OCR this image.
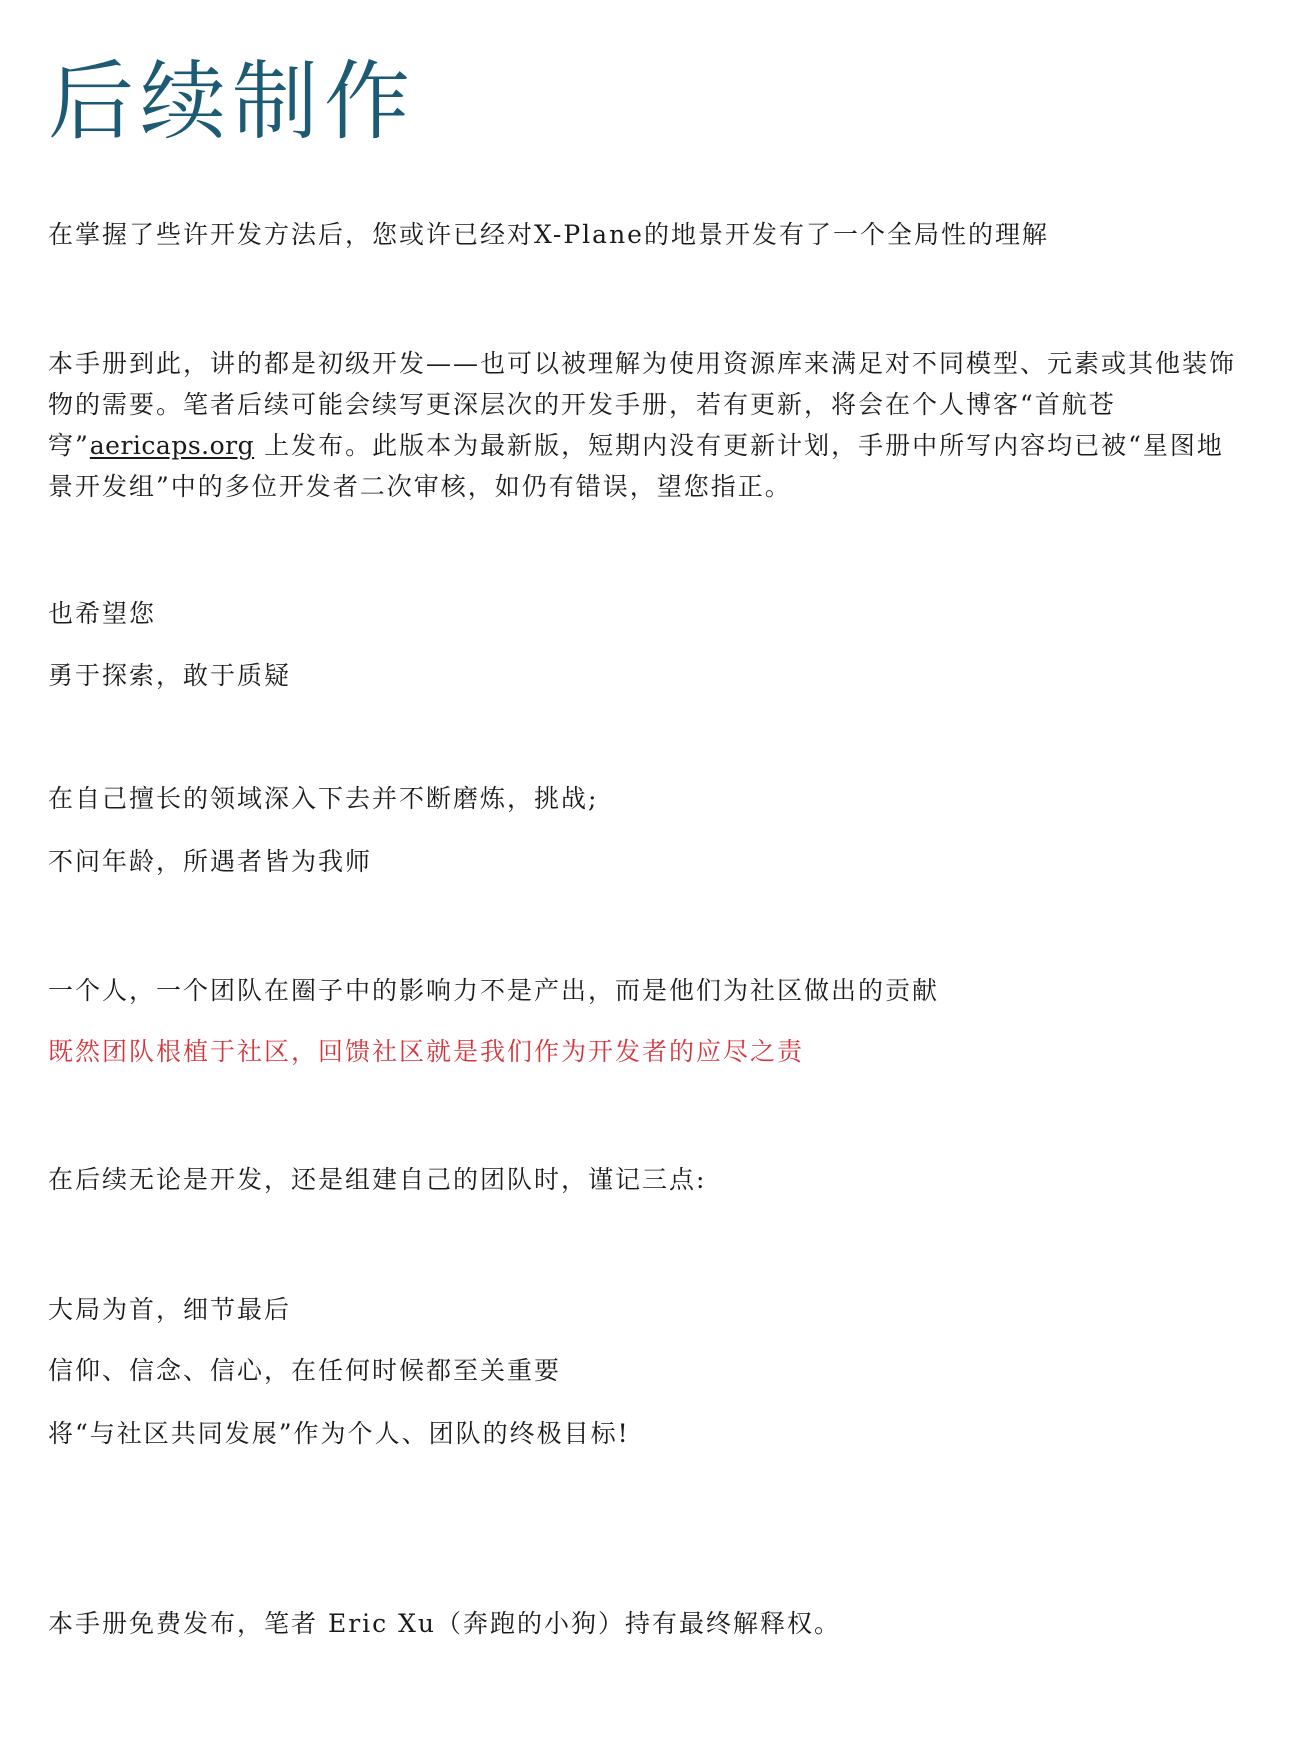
后续制作

在掌握了些许开发方法后，您或许已经对X-Plane的地景开发有了一个全局性的理解

本手册到此，讲的都是初级开发——也可以被理解为使用资源库来满足对不同模型、元素或其他装饰物的需要。笔者后续可能会续写更深层次的开发手册，若有更新，将会在个人博客“首航苍穹”aericaps.org 上发布。此版本为最新版，短期内没有更新计划，手册中所写内容均已被“星图地景开发组”中的多位开发者二次审核，如仍有错误，望您指正。

也希望您

勇于探索，敢于质疑

在自己擅长的领域深入下去并不断磨炼，挑战;

不问年龄，所遇者皆为我师

一个人，一个团队在圈子中的影响力不是产出，而是他们为社区做出的贡献

既然团队根植于社区，回馈社区就是我们作为开发者的应尽之责

在后续无论是开发，还是组建自己的团队时，谨记三点:

大局为首，细节最后

信仰、信念、信心，在任何时候都至关重要

将“与社区共同发展”作为个人、团队的终极目标!

本手册免费发布，笔者 Eric Xu（奔跑的小狗）持有最终解释权。
